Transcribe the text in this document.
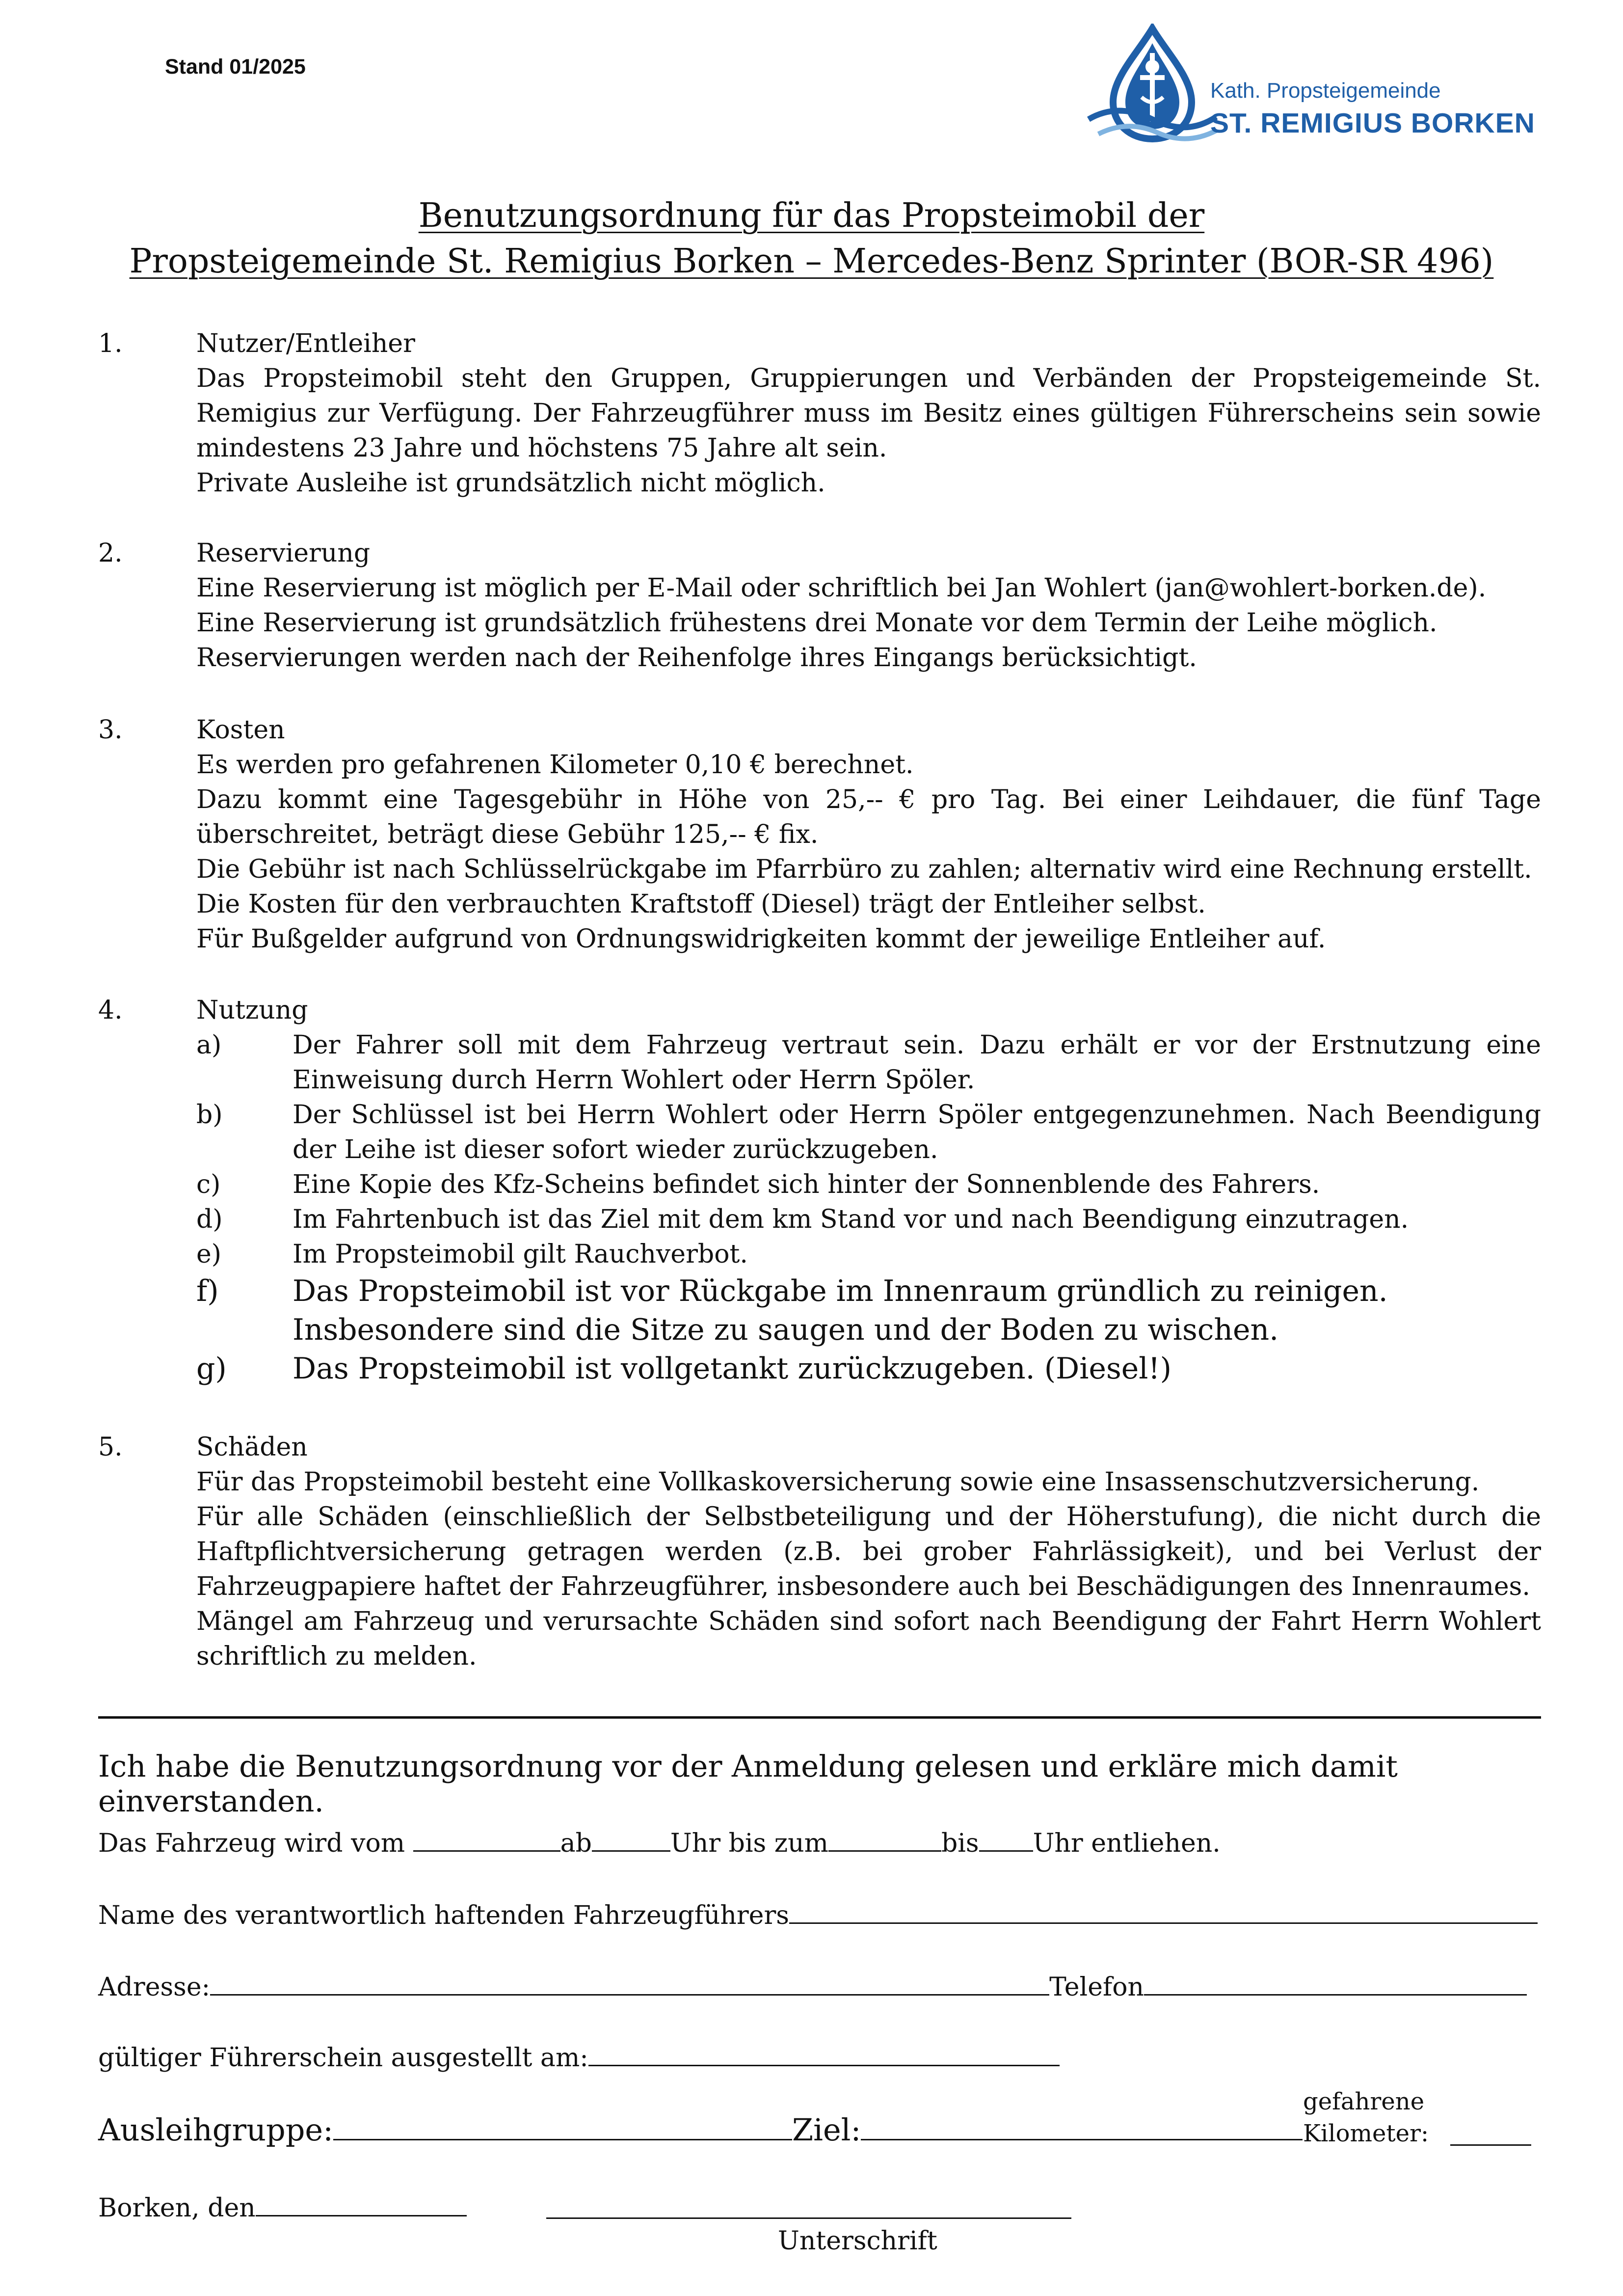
Stand 01/2025
Kath. Propsteigemeinde
ST. REMIGIUS BORKEN
Benutzungsordnung für das Propsteimobil der
Propsteigemeinde St. Remigius Borken – Mercedes-Benz Sprinter (BOR-SR 496)
1.	Nutzer/Entleiher

Das Propsteimobil steht den Gruppen, Gruppierungen und Verbänden der Propsteigemeinde St. Remigius zur Verfügung. Der Fahrzeugführer muss im Besitz eines gültigen Führerscheins sein sowie mindestens 23 Jahre und höchstens 75 Jahre alt sein.

Private Ausleihe ist grundsätzlich nicht möglich.

2.	Reservierung

Eine Reservierung ist möglich per E-Mail oder schriftlich bei Jan Wohlert (jan@wohlert-borken.de).

Eine Reservierung ist grundsätzlich frühestens drei Monate vor dem Termin der Leihe möglich.

Reservierungen werden nach der Reihenfolge ihres Eingangs berücksichtigt.

3.	Kosten

Es werden pro gefahrenen Kilometer 0,10 € berechnet.

Dazu kommt eine Tagesgebühr in Höhe von 25,-- € pro Tag. Bei einer Leihdauer, die fünf Tage überschreitet, beträgt diese Gebühr 125,-- € fix.

Die Gebühr ist nach Schlüsselrückgabe im Pfarrbüro zu zahlen; alternativ wird eine Rechnung erstellt.

Die Kosten für den verbrauchten Kraftstoff (Diesel) trägt der Entleiher selbst.

Für Bußgelder aufgrund von Ordnungswidrigkeiten kommt der jeweilige Entleiher auf.

4.	Nutzung

a)	Der Fahrer soll mit dem Fahrzeug vertraut sein. Dazu erhält er vor der Erstnutzung eine Einweisung durch Herrn Wohlert oder Herrn Spöler.
b)	Der Schlüssel ist bei Herrn Wohlert oder Herrn Spöler entgegenzunehmen. Nach Beendigung der Leihe ist dieser sofort wieder zurückzugeben.
c)	Eine Kopie des Kfz-Scheins befindet sich hinter der Sonnenblende des Fahrers.
d)	Im Fahrtenbuch ist das Ziel mit dem km Stand vor und nach Beendigung einzutragen.
e)	Im Propsteimobil gilt Rauchverbot.
f)	Das Propsteimobil ist vor Rückgabe im Innenraum gründlich zu reinigen. Insbesondere sind die Sitze zu saugen und der Boden zu wischen.
g) Das Propsteimobil ist vollgetankt zurückzugeben. (Diesel!)
5.	Schäden

Für das Propsteimobil besteht eine Vollkaskoversicherung sowie eine Insassenschutzversicherung.

Für alle Schäden (einschließlich der Selbstbeteiligung und der Höherstufung), die nicht durch die Haftpflichtversicherung getragen werden (z.B. bei grober Fahrlässigkeit), und bei Verlust der Fahrzeugpapiere haftet der Fahrzeugführer, insbesondere auch bei Beschädigungen des Innenraumes.

Mängel am Fahrzeug und verursachte Schäden sind sofort nach Beendigung der Fahrt Herrn Wohlert schriftlich zu melden.

Ich habe die Benutzungsordnung vor der Anmeldung gelesen und erkläre mich damit einverstanden.
Das Fahrzeug wird vom	ab	Uhr bis zum	bis Uhr entliehen.
Name des verantwortlich haftenden Fahrzeugführers
Adresse:	Telefon
gültiger Führerschein ausgestellt am:
Ausleihgruppe:	Ziel:
gefahrene
Kilometer:
Borken, den
Unterschrift
